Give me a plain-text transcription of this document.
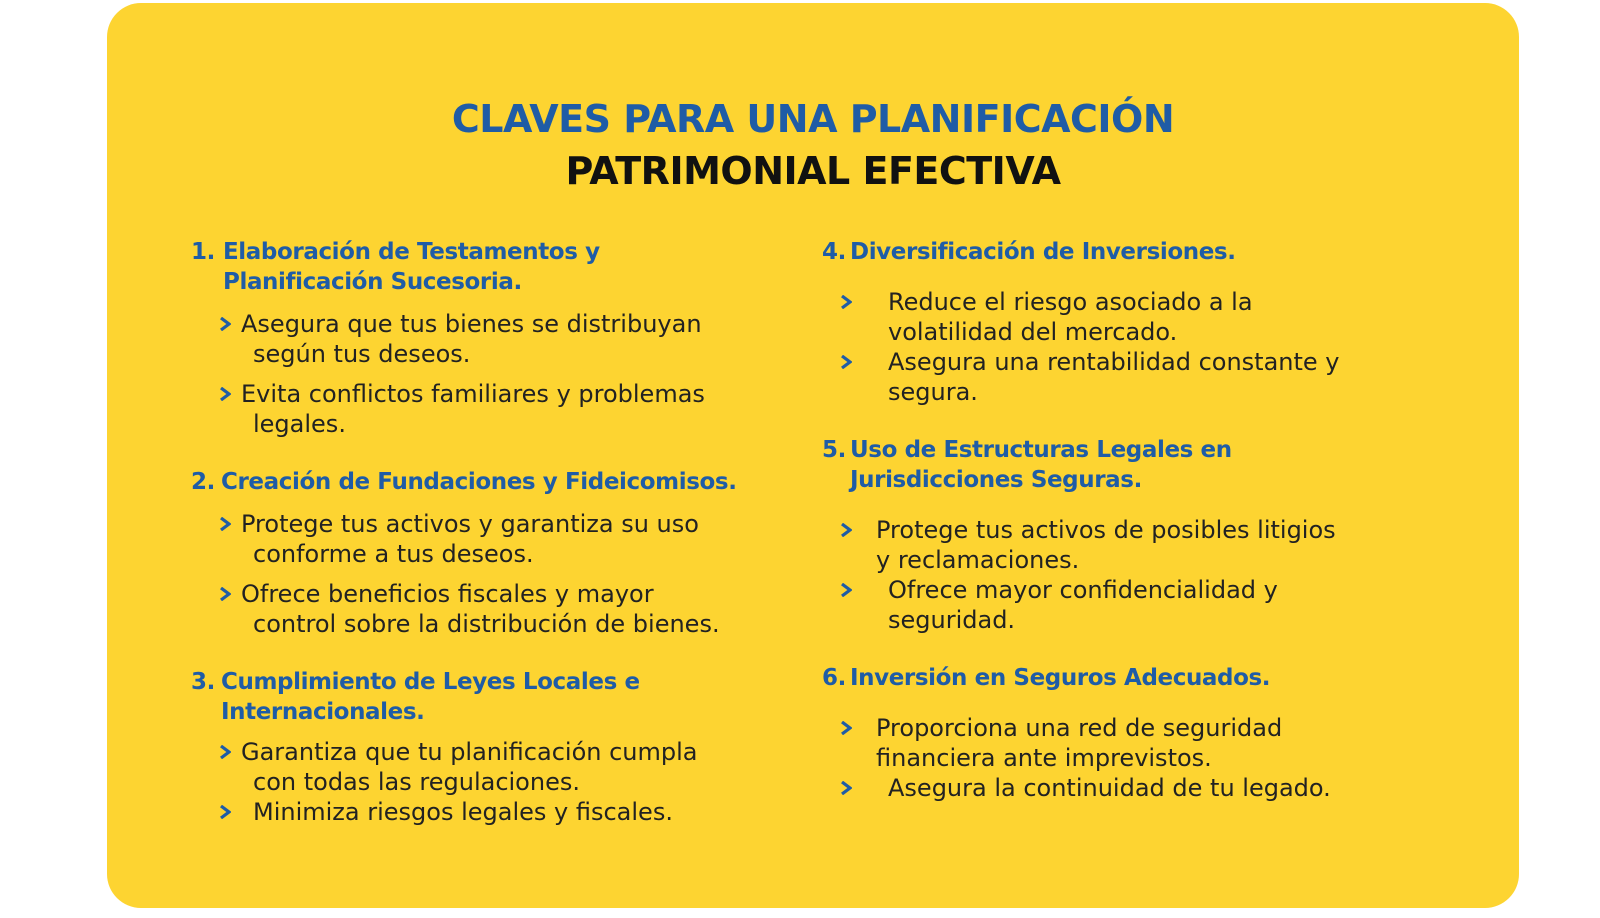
CLAVES PARA UNA PLANIFICACIÓN
PATRIMONIAL EFECTIVA
1. Elaboración de Testamentos y Planificación Sucesoria.
Asegura que tus bienes se distribuyan según tus deseos.
Evita conflictos familiares y problemas legales.
2. Creación de Fundaciones y Fideicomisos.
Protege tus activos y garantiza su uso conforme a tus deseos.
Ofrece beneficios fiscales y mayor control sobre la distribución de bienes.
3. Cumplimiento de Leyes Locales e Internacionales.
Garantiza que tu planificación cumpla con todas las regulaciones.
Minimiza riesgos legales y fiscales.
4. Diversificación de Inversiones.
Reduce el riesgo asociado a la volatilidad del mercado.
Asegura una rentabilidad constante y segura.
5. Uso de Estructuras Legales en Jurisdicciones Seguras.
Protege tus activos de posibles litigios y reclamaciones.
Ofrece mayor confidencialidad y seguridad.
6. Inversión en Seguros Adecuados.
Proporciona una red de seguridad financiera ante imprevistos.
Asegura la continuidad de tu legado.
